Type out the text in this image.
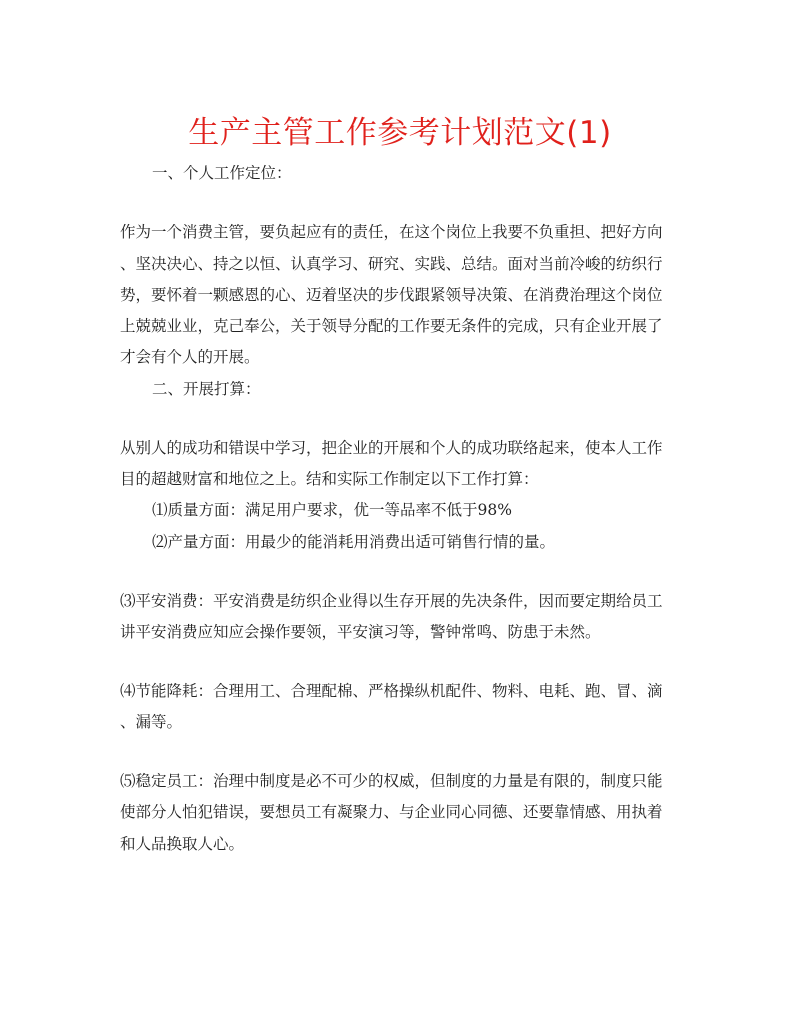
生产主管工作参考计划范文(1)

一、个人工作定位：

作为一个消费主管，要负起应有的责任，在这个岗位上我要不负重担、把好方向

、坚决决心、持之以恒、认真学习、研究、实践、总结。面对当前冷峻的纺织行

势，要怀着一颗感恩的心、迈着坚决的步伐跟紧领导决策、在消费治理这个岗位

上兢兢业业，克己奉公，关于领导分配的工作要无条件的完成，只有企业开展了

才会有个人的开展。

二、开展打算：

从别人的成功和错误中学习，把企业的开展和个人的成功联络起来，使本人工作

目的超越财富和地位之上。结和实际工作制定以下工作打算：

⑴质量方面：满足用户要求，优一等品率不低于98%

⑵产量方面：用最少的能消耗用消费出适可销售行情的量。

⑶平安消费：平安消费是纺织企业得以生存开展的先决条件，因而要定期给员工

讲平安消费应知应会操作要领，平安演习等，警钟常鸣、防患于未然。

⑷节能降耗：合理用工、合理配棉、严格操纵机配件、物料、电耗、跑、冒、滴

、漏等。

⑸稳定员工：治理中制度是必不可少的权威，但制度的力量是有限的，制度只能

使部分人怕犯错误，要想员工有凝聚力、与企业同心同德、还要靠情感、用执着

和人品换取人心。
